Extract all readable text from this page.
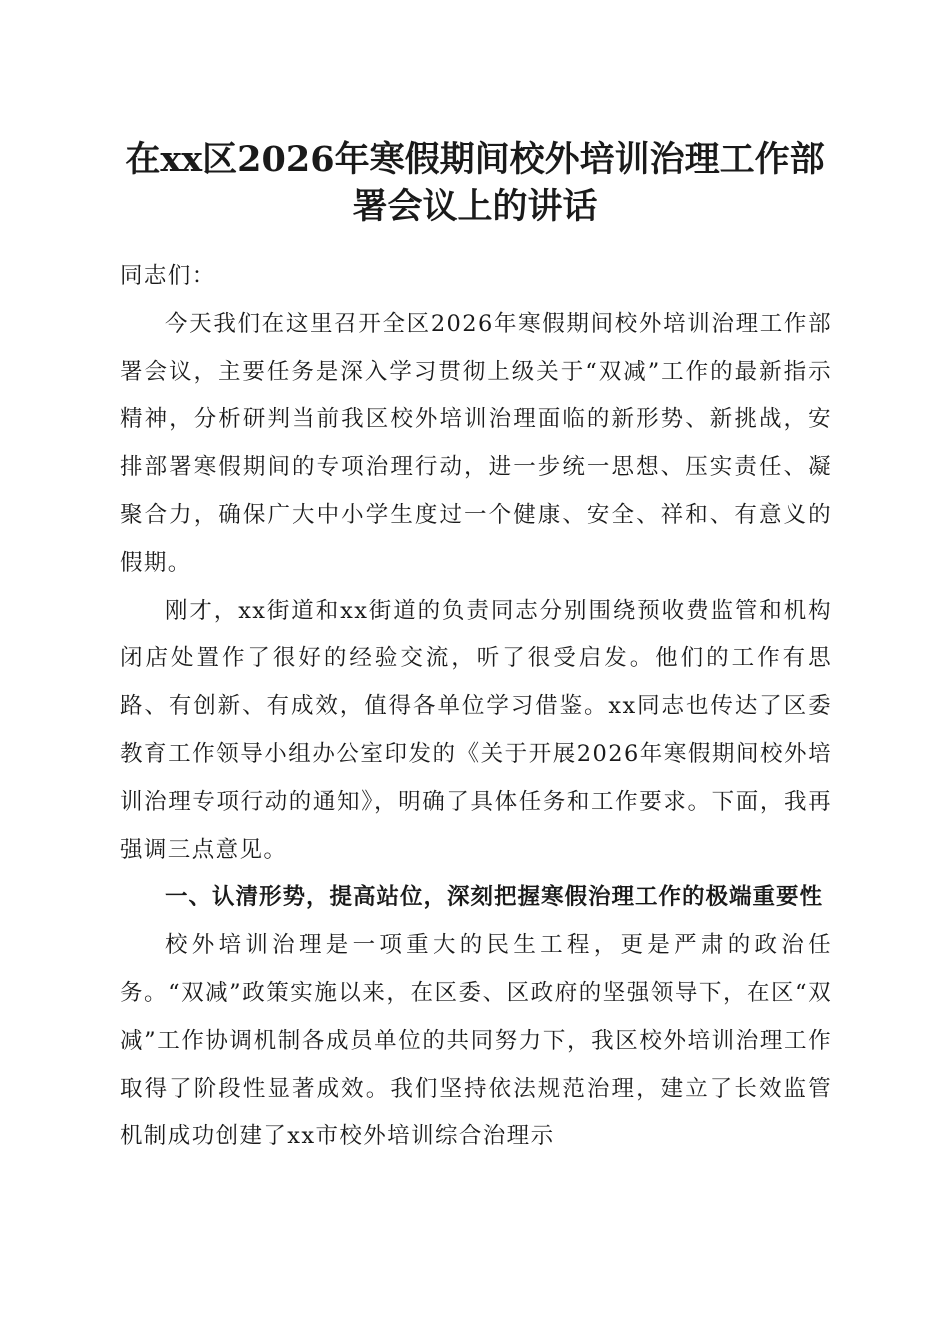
在xx区2026年寒假期间校外培训治理工作部
署会议上的讲话

同志们：

今天我们在这里召开全区2026年寒假期间校外培训治理工作部署会议，主要任务是深入学习贯彻上级关于“双减”工作的最新指示精神，分析研判当前我区校外培训治理面临的新形势、新挑战，安排部署寒假期间的专项治理行动，进一步统一思想、压实责任、凝聚合力，确保广大中小学生度过一个健康、安全、祥和、有意义的假期。

刚才，xx街道和xx街道的负责同志分别围绕预收费监管和机构闭店处置作了很好的经验交流，听了很受启发。他们的工作有思路、有创新、有成效，值得各单位学习借鉴。xx同志也传达了区委教育工作领导小组办公室印发的《关于开展2026年寒假期间校外培训治理专项行动的通知》，明确了具体任务和工作要求。下面，我再强调三点意见。

一、认清形势，提高站位，深刻把握寒假治理工作的极端重要性

校外培训治理是一项重大的民生工程，更是严肃的政治任务。“双减”政策实施以来，在区委、区政府的坚强领导下，在区“双减”工作协调机制各成员单位的共同努力下，我区校外培训治理工作取得了阶段性显著成效。我们坚持依法规范治理，建立了长效监管机制成功创建了xx市校外培训综合治理示
